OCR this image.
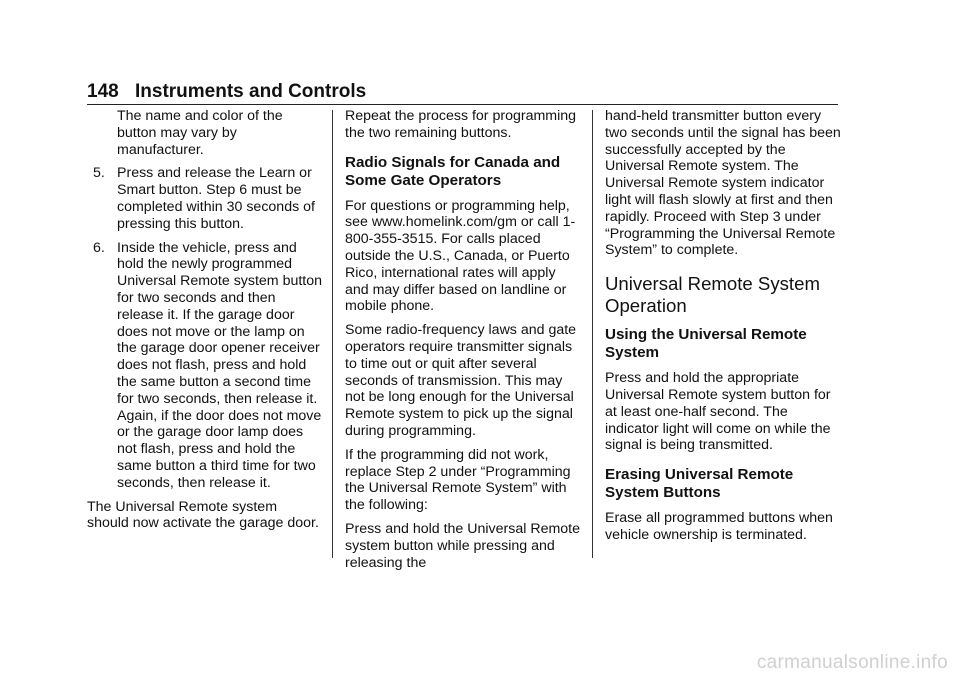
148 Instruments and Controls

The name and color of the button may vary by manufacturer.

5. Press and release the Learn or Smart button. Step 6 must be completed within 30 seconds of pressing this button.
6. Inside the vehicle, press and hold the newly programmed Universal Remote system button for two seconds and then release it. If the garage door does not move or the lamp on the garage door opener receiver does not flash, press and hold the same button a second time for two seconds, then release it. Again, if the door does not move or the garage door lamp does not flash, press and hold the same button a third time for two seconds, then release it.

The Universal Remote system should now activate the garage door.

Repeat the process for programming the two remaining buttons.

Radio Signals for Canada and Some Gate Operators

For questions or programming help, see www.homelink.com/gm or call 1-800-355-3515. For calls placed outside the U.S., Canada, or Puerto Rico, international rates will apply and may differ based on landline or mobile phone.

Some radio-frequency laws and gate operators require transmitter signals to time out or quit after several seconds of transmission. This may not be long enough for the Universal Remote system to pick up the signal during programming.

If the programming did not work, replace Step 2 under “Programming the Universal Remote System” with the following:

Press and hold the Universal Remote system button while pressing and releasing the

hand-held transmitter button every two seconds until the signal has been successfully accepted by the Universal Remote system. The Universal Remote system indicator light will flash slowly at first and then rapidly. Proceed with Step 3 under “Programming the Universal Remote System” to complete.

Universal Remote System Operation
Using the Universal Remote System

Press and hold the appropriate Universal Remote system button for at least one-half second. The indicator light will come on while the signal is being transmitted.

Erasing Universal Remote System Buttons

Erase all programmed buttons when vehicle ownership is terminated.

carmanualsonline.info
